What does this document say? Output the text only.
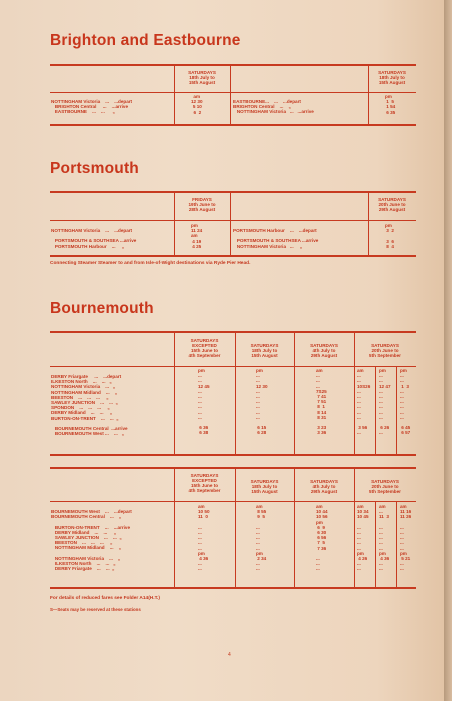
Brighton and Eastbourne
SATURDAYS
18th July to
15th August
SATURDAYS
18th July to
15th August
NOTTINGHAM Victoria    ...    ...depart
BRIGHTON Central     ...    ...arrive
EASTBOURNE    ...    ...      „
am
12 30
5 10
6  2
EASTBOURNE...    ...    ...depart
BRIGHTON Central    ...    „
NOTTINGHAM Victoria   ...   ...arrive
pm
1  5
1 54
6 35
Portsmouth
FRIDAYS
19th June to
28th August
SATURDAYS
20th June to
29th August
NOTTINGHAM Victoria    ...    ...depart

PORTSMOUTH & SOUTHSEA ...arrive
PORTSMOUTH Harbour    ...     „
pm
11 24
am
4 19
4 25
PORTSMOUTH Harbour    ...    ...depart

PORTSMOUTH & SOUTHSEA ...arrive
NOTTINGHAM Victoria   ...     „
pm
3  2

3  6
8  4
Connecting Steamer Steamer to and from Isle-of-Wight destinations via Ryde Pier Head.
Bournemouth
SATURDAYS
EXCEPTED
15th June to
4th September
SATURDAYS
18th July to
15th August
SATURDAYS
4th July to
29th August
SATURDAYS
20th June to
5th September
DERBY Friargate     ...    ...depart
ILKESTON North    ...    ...   „
NOTTINGHAM Victoria    ...   „
NOTTINGHAM Midland    ...    „
BEESTON    ...    ...    ...     „
SAWLEY JUNCTION    ...    ...  „
SPONDON    ...    ...    ...     „
DERBY Midland    ...    ...     „
BURTON-ON-TRENT    ...    ...  „

BOURNEMOUTH Central  ...arrive
BOURNEMOUTH West ...    ...   „
pm
...
...
12 45
...
...
...
...
...
...

6 36
6 38
pm
...
...
12 30
...
...
...
...
...
...

6 15
6 28
am
...
...
...
7S25
7 41
7 51
8  1
8 14
8 31

3 23
3 36
am
...
...
10S26
...
...
...
...
...
...

3 56
...
pm
...
...
12 47
...
...
...
...
...
...

6 26
...
pm
...
...
1  3
...
...
...
...
...
...

6 45
6 57
SATURDAYS
EXCEPTED
15th June to
4th September
SATURDAYS
18th July to
15th August
SATURDAYS
4th July to
29th August
SATURDAYS
20th June to
5th September
BOURNEMOUTH West    ...    ...depart
BOURNEMOUTH Central    ...    „

BURTON-ON-TRENT    ...    ...arrive
DERBY Midland    ...    ...     „
SAWLEY JUNCTION    ...    ...  „
BEESTON    ...    ...    ...     „
NOTTINGHAM Midland    ...    „

NOTTINGHAM Victoria    ...    „
ILKESTON North    ...    ...   „
DERBY Friargate    ...    ...  „
am
10 50
11  0

...
...
...
...
...
pm
4 36
...
...
am
8 55
9  5

...
...
...
...
...
pm
2 34
...
...
am
10 44
10 56
pm
6  9
6 30
6 56
7  5
7 36

...
...
...
am
10 34
10 45

...
...
...
...
...
pm
4 26
...
...
am
...
11  3

...
...
...
...
...
pm
4 36
...
...
am
11 16
11 26

...
...
...
...
...
pm
5 21
...
...
For details of reduced fares see Folder A14(H.T.)
S—Seats may be reserved at these stations
4
